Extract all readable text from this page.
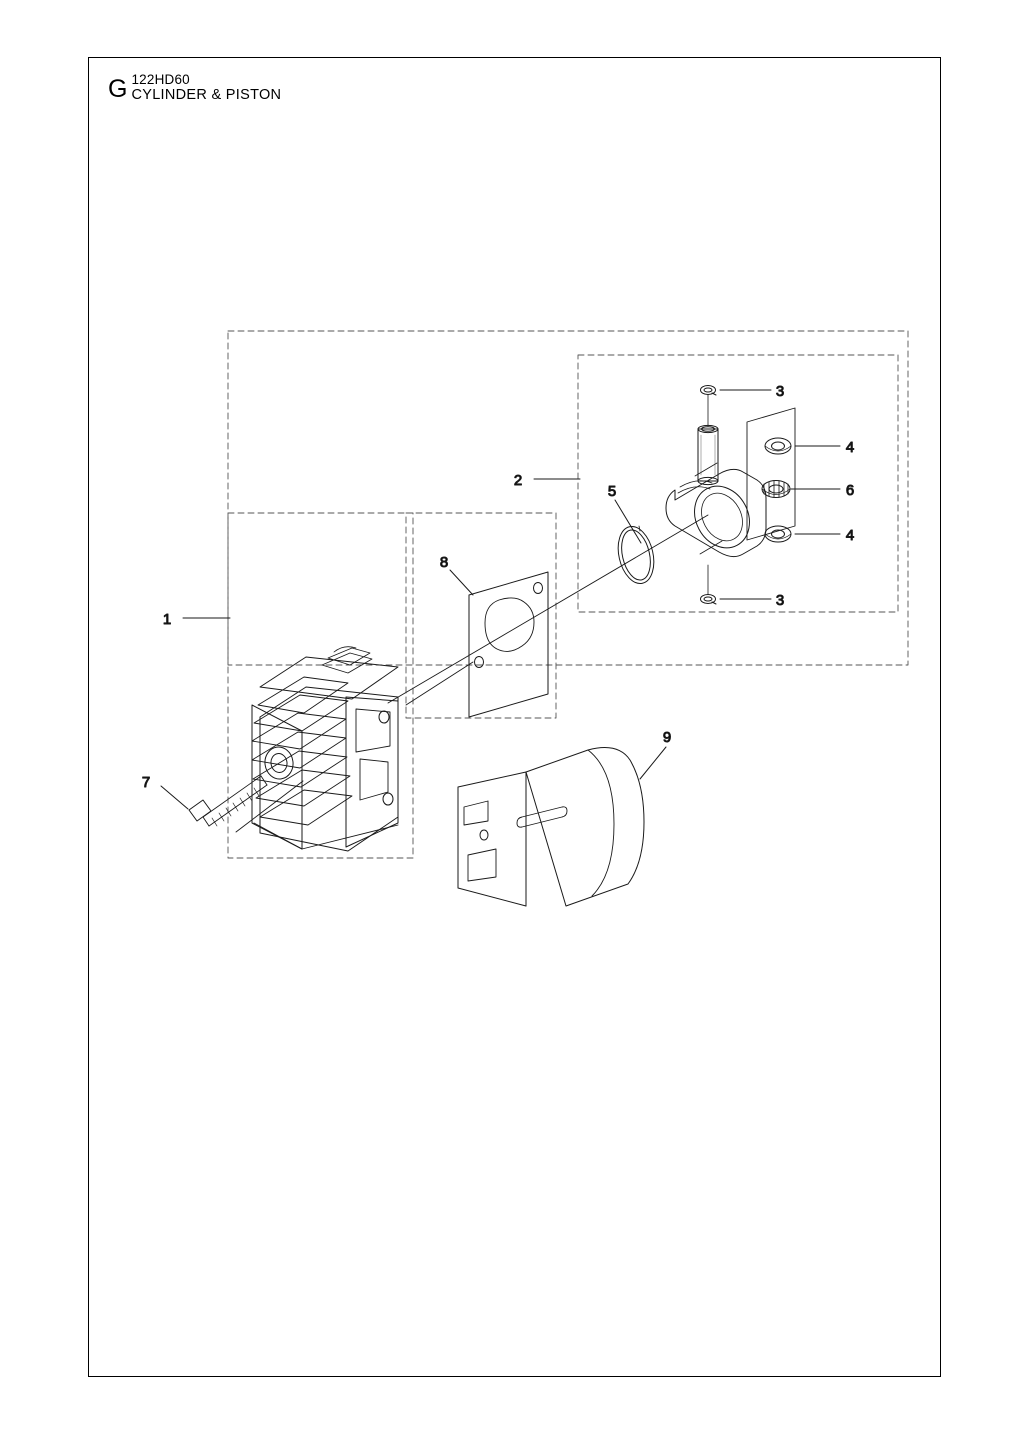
G 122HD60
CYLINDER & PISTON
1
2
3
4
6
4
3
5
8
9
7
